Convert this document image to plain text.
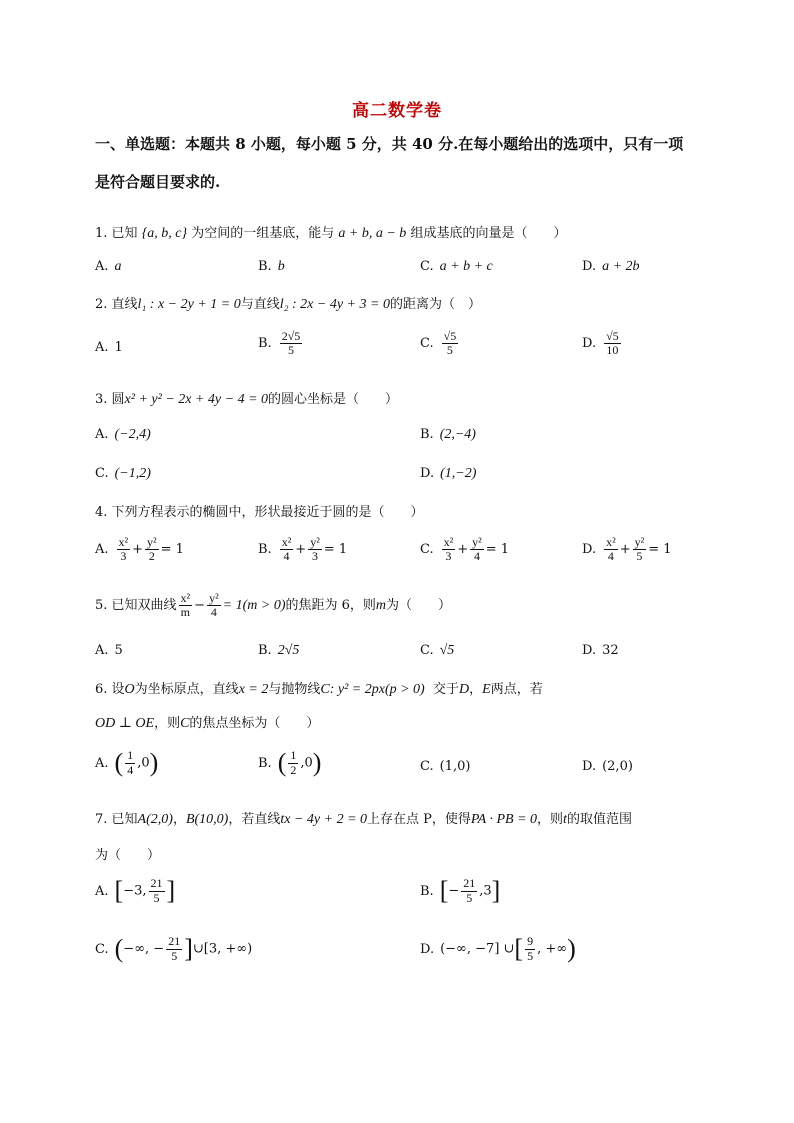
高二数学卷
一、单选题：本题共 8 小题，每小题 5 分，共 40 分.在每小题给出的选项中，只有一项
是符合题目要求的.
1. 已知 {a, b, c} 为空间的一组基底，能与 a + b, a − b 组成基底的向量是（　　）
A. a	B. b	C. a + b + c	D. a + 2b
2. 直线l₁ : x − 2y + 1 = 0与直线l₂ : 2x − 4y + 3 = 0的距离为（　）
A. 1	B. $\frac{2√5}{5}$	C. $\frac{√5}{5}$	D. $\frac{√5}{10}$
3. 圆x² + y² − 2x + 4y − 4 = 0的圆心坐标是（　　）
A. (−2,4)	B. (2,−4)
C. (−1,2)	D. (1,−2)
4. 下列方程表示的椭圆中，形状最接近于圆的是（　　）
A. $\frac{\text{x²}}{3} + \frac{\text{y²}}{2} = 1$	B. $\frac{\text{x²}}{4} + \frac{\text{y²}}{3} = 1$	C. $\frac{\text{x²}}{3} + \frac{\text{y²}}{4} = 1$	D. $\frac{\text{x²}}{4} + \frac{\text{y²}}{5} = 1$
5. 已知双曲线 $\frac{\text{x²}}{m} - \frac{\text{y²}}{4} = 1(m > 0)$的焦距为 6，则m为（　　）
A. 5	B. 2√5	C. √5	D. 32
6. 设O为坐标原点，直线x = 2与抛物线C: y² = 2px(p > 0) 交于D，E两点，若
OD ⊥ OE，则C的焦点坐标为（　　）
A. ( $\frac{1}{4} ,0$)	B. ( $\frac{1}{2} ,0$)	C. (1,0)	D. (2,0)
7. 已知A(2,0)，B(10,0)，若直线tx − 4y + 2 = 0上存在点 P，使得PA · PB = 0，则t的取值范围
为（　　）
A. [−3, $\frac{21}{5}$ ]	B. [− $\frac{21}{5} ,3$]
C. (−∞, − $\frac{21}{5}$ ]∪[3, +∞)	D. (−∞, −7] ∪[ $\frac{9}{5}$ , +∞)
